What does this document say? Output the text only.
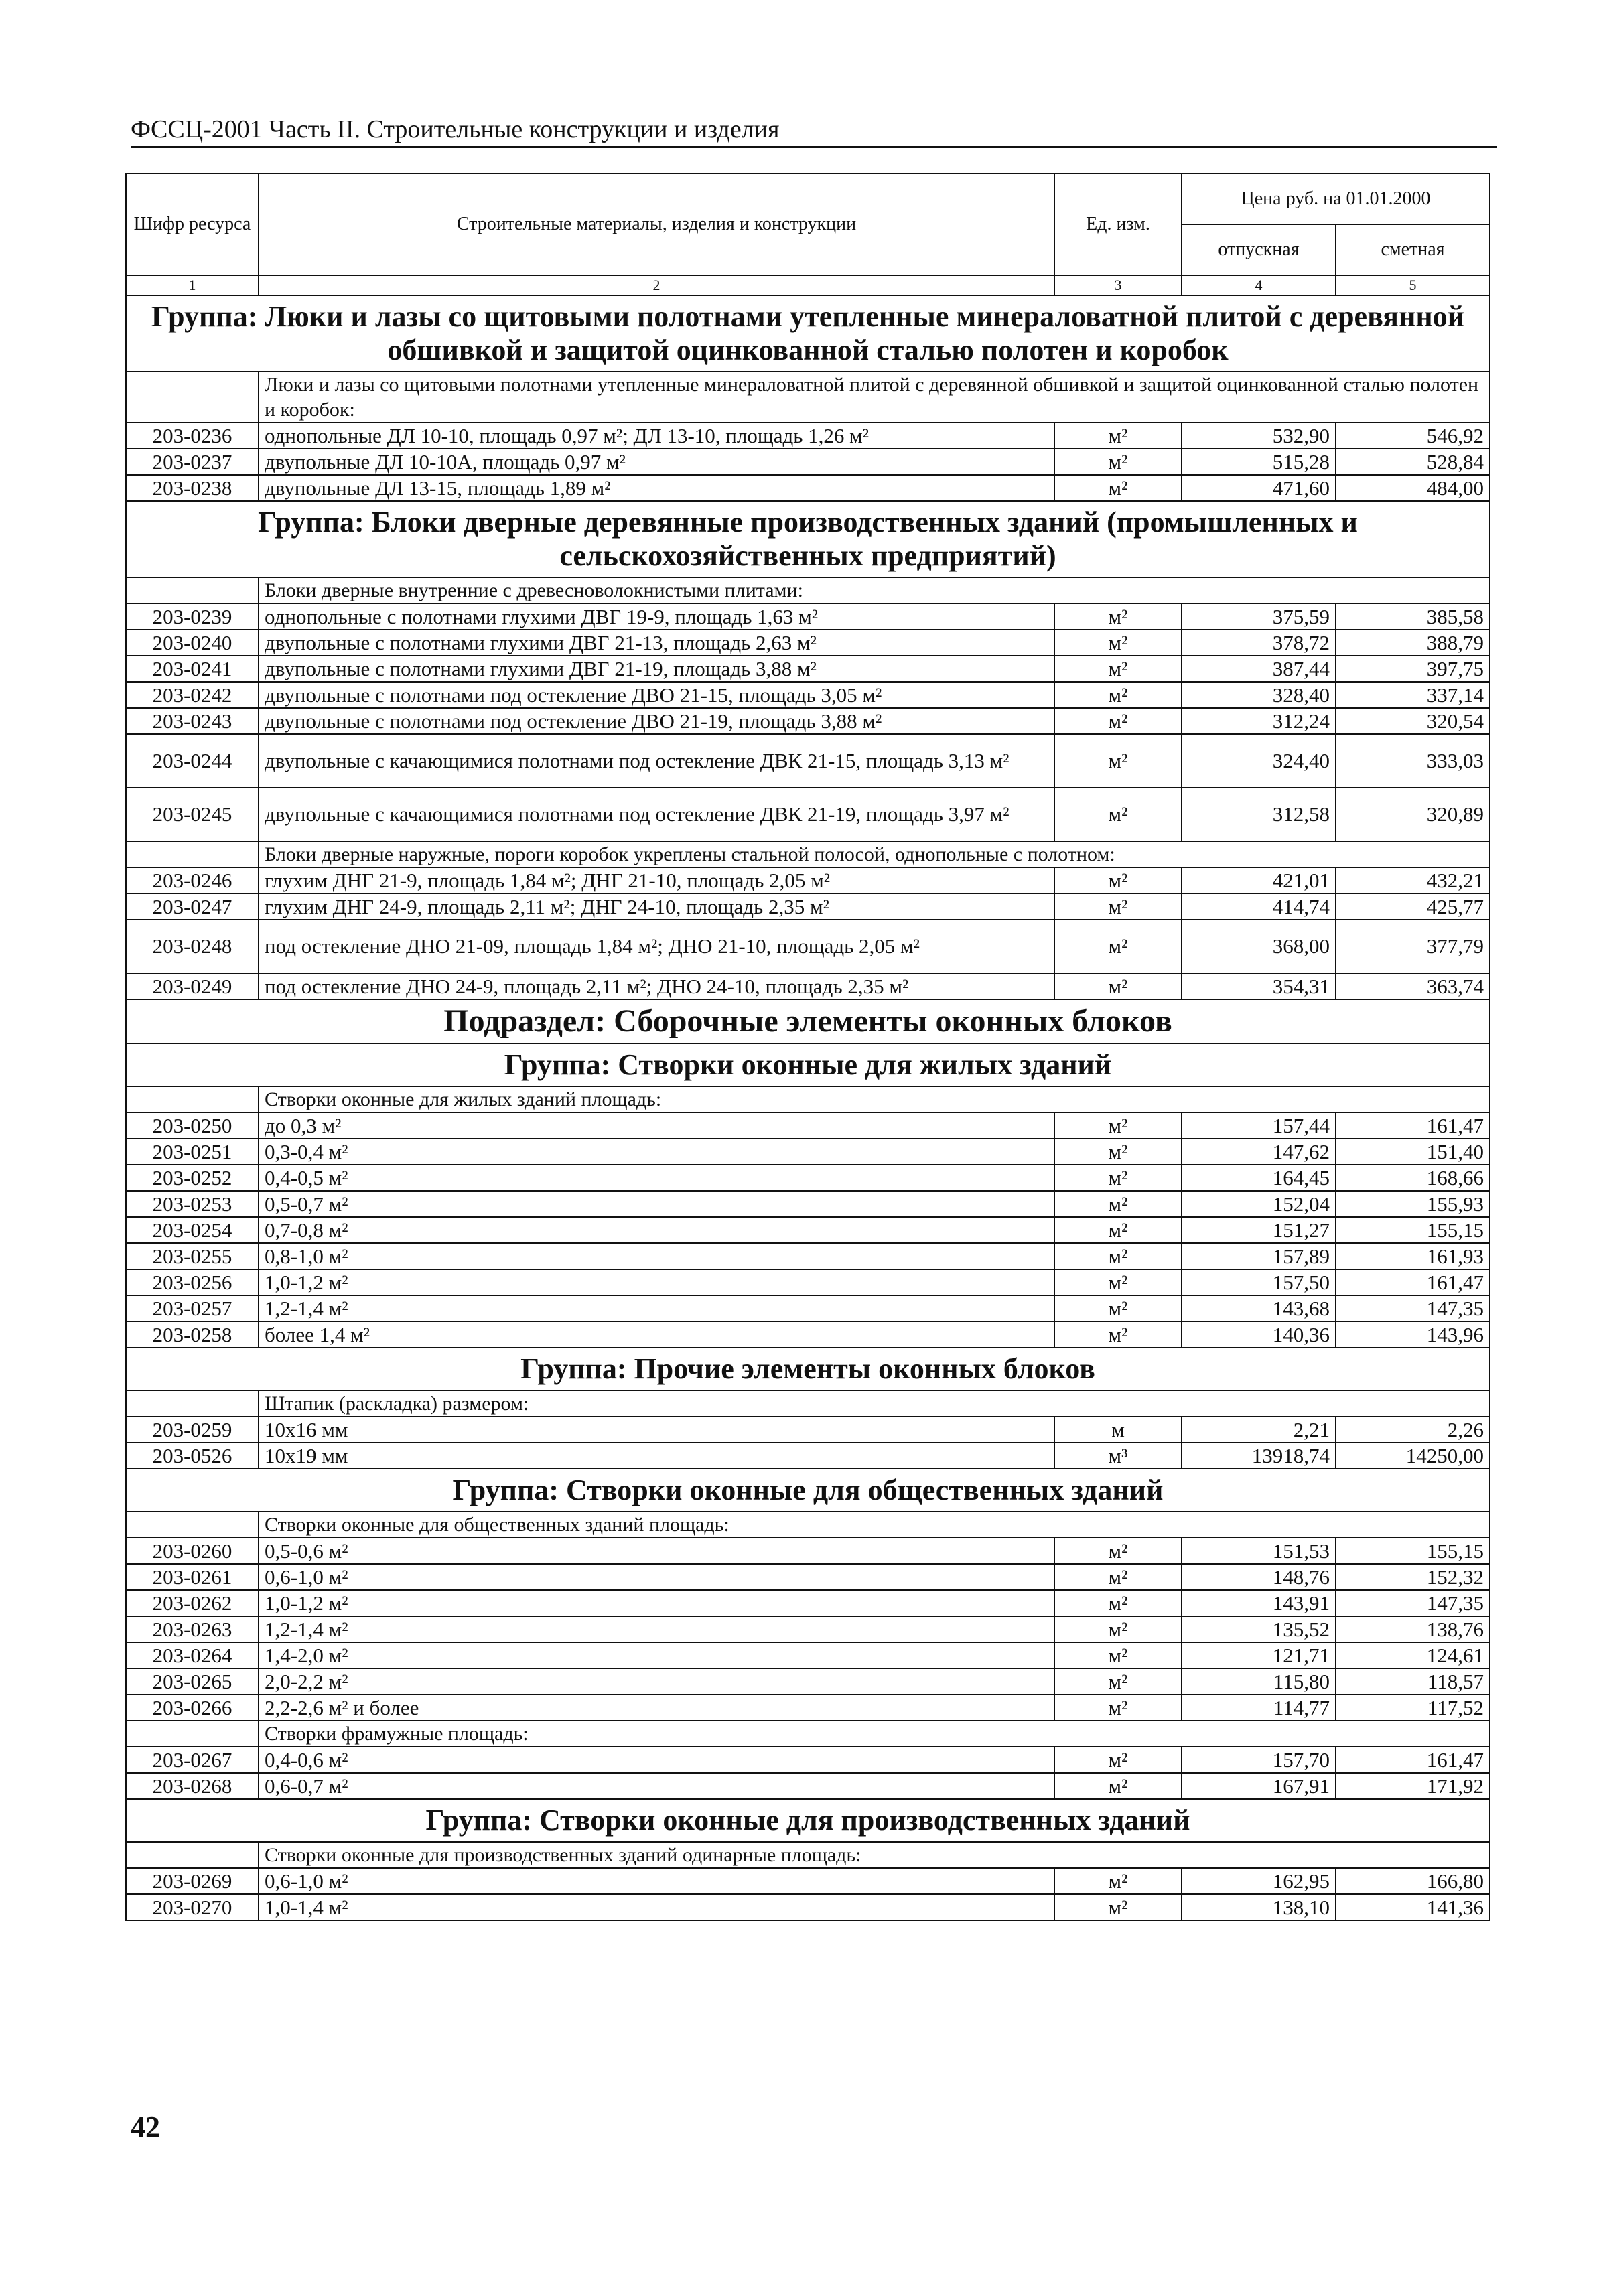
ФССЦ-2001 Часть II. Строительные конструкции и изделия
Шифр ресурса	Строительные материалы, изделия и конструкции	Ед. изм.	Цена руб. на 01.01.2000	
			отпускная	сметная
1	2	3	4	5
Группа: Люки и лазы со щитовыми полотнами утепленные минераловатной плитой с деревянной обшивкой и защитой оцинкованной сталью полотен и коробок				
	Люки и лазы со щитовыми полотнами утепленные минераловатной плитой с деревянной обшивкой и защитой оцинкованной сталью полотен и коробок:			
203-0236	однопольные ДЛ 10-10, площадь 0,97 м²; ДЛ 13-10, площадь 1,26 м²	м²	532,90	546,92
203-0237	двупольные ДЛ 10-10А, площадь 0,97 м²	м²	515,28	528,84
203-0238	двупольные ДЛ 13-15, площадь 1,89 м²	м²	471,60	484,00
Группа: Блоки дверные деревянные производственных зданий (промышленных и сельскохозяйственных предприятий)				
	Блоки дверные внутренние с древесноволокнистыми плитами:			
203-0239	однопольные с полотнами глухими ДВГ 19-9, площадь 1,63 м²	м²	375,59	385,58
203-0240	двупольные с полотнами глухими ДВГ 21-13, площадь 2,63 м²	м²	378,72	388,79
203-0241	двупольные с полотнами глухими ДВГ 21-19, площадь 3,88 м²	м²	387,44	397,75
203-0242	двупольные с полотнами под остекление ДВО 21-15, площадь 3,05 м²	м²	328,40	337,14
203-0243	двупольные с полотнами под остекление ДВО 21-19, площадь 3,88 м²	м²	312,24	320,54
203-0244	двупольные с качающимися полотнами под остекление ДВК 21-15, площадь 3,13 м²	м²	324,40	333,03
203-0245	двупольные с качающимися полотнами под остекление ДВК 21-19, площадь 3,97 м²	м²	312,58	320,89
	Блоки дверные наружные, пороги коробок укреплены стальной полосой, однопольные с полотном:			
203-0246	глухим ДНГ 21-9, площадь 1,84 м²; ДНГ 21-10, площадь 2,05 м²	м²	421,01	432,21
203-0247	глухим ДНГ 24-9, площадь 2,11 м²; ДНГ 24-10, площадь 2,35 м²	м²	414,74	425,77
203-0248	под остекление ДНО 21-09, площадь 1,84 м²; ДНО 21-10, площадь 2,05 м²	м²	368,00	377,79
203-0249	под остекление ДНО 24-9, площадь 2,11 м²; ДНО 24-10, площадь 2,35 м²	м²	354,31	363,74
Подраздел: Сборочные элементы оконных блоков				
Группа: Створки оконные для жилых зданий				
	Створки оконные для жилых зданий площадь:			
203-0250	до 0,3 м²	м²	157,44	161,47
203-0251	0,3-0,4 м²	м²	147,62	151,40
203-0252	0,4-0,5 м²	м²	164,45	168,66
203-0253	0,5-0,7 м²	м²	152,04	155,93
203-0254	0,7-0,8 м²	м²	151,27	155,15
203-0255	0,8-1,0 м²	м²	157,89	161,93
203-0256	1,0-1,2 м²	м²	157,50	161,47
203-0257	1,2-1,4 м²	м²	143,68	147,35
203-0258	более 1,4 м²	м²	140,36	143,96
Группа: Прочие элементы оконных блоков				
	Штапик (раскладка) размером:			
203-0259	10х16 мм	м	2,21	2,26
203-0526	10х19 мм	м³	13918,74	14250,00
Группа: Створки оконные для общественных зданий				
	Створки оконные для общественных зданий площадь:			
203-0260	0,5-0,6 м²	м²	151,53	155,15
203-0261	0,6-1,0 м²	м²	148,76	152,32
203-0262	1,0-1,2 м²	м²	143,91	147,35
203-0263	1,2-1,4 м²	м²	135,52	138,76
203-0264	1,4-2,0 м²	м²	121,71	124,61
203-0265	2,0-2,2 м²	м²	115,80	118,57
203-0266	2,2-2,6 м² и более	м²	114,77	117,52
	Створки фрамужные площадь:			
203-0267	0,4-0,6 м²	м²	157,70	161,47
203-0268	0,6-0,7 м²	м²	167,91	171,92
Группа: Створки оконные для производственных зданий				
	Створки оконные для производственных зданий одинарные площадь:			
203-0269	0,6-1,0 м²	м²	162,95	166,80
203-0270	1,0-1,4 м²	м²	138,10	141,36
42
